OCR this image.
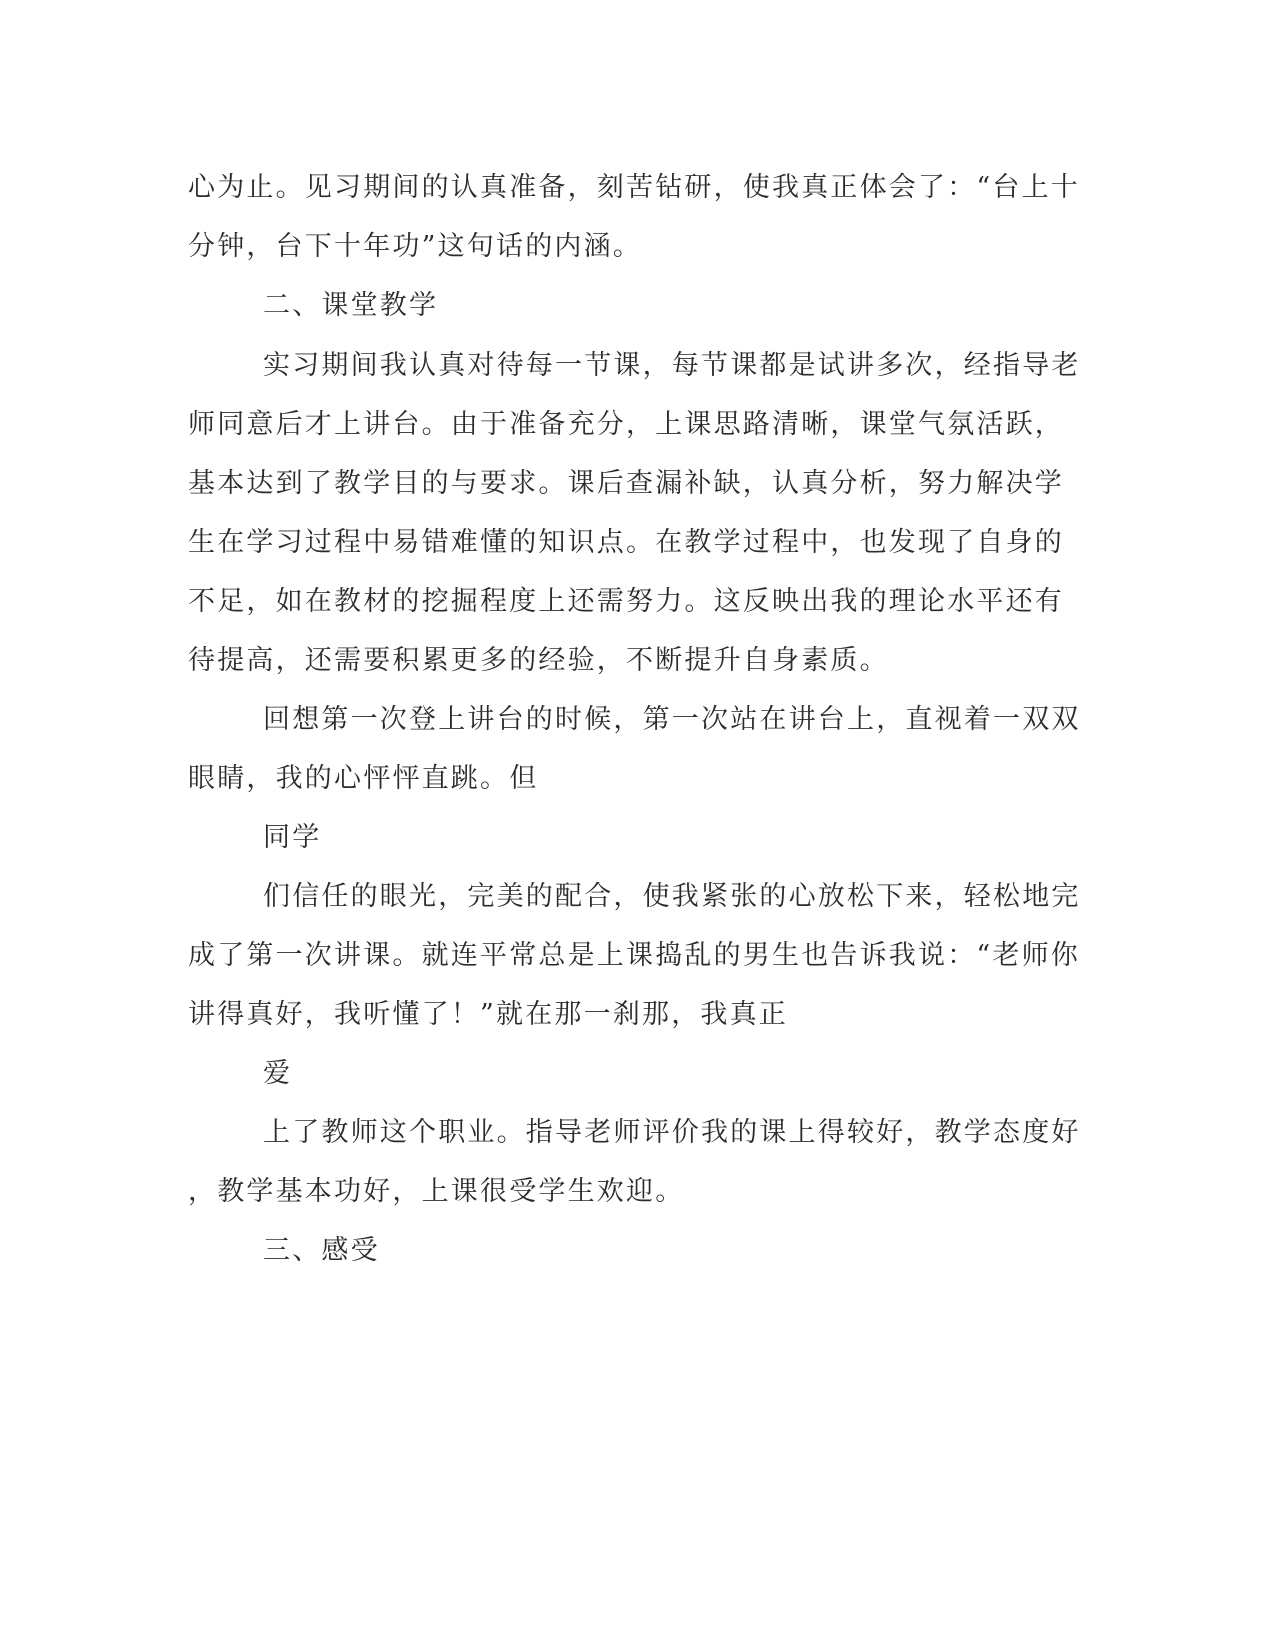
心为止。见习期间的认真准备，刻苦钻研，使我真正体会了：“台上十
分钟，台下十年功”这句话的内涵。
二、课堂教学
实习期间我认真对待每一节课，每节课都是试讲多次，经指导老
师同意后才上讲台。由于准备充分，上课思路清晰，课堂气氛活跃，
基本达到了教学目的与要求。课后查漏补缺，认真分析，努力解决学
生在学习过程中易错难懂的知识点。在教学过程中，也发现了自身的
不足，如在教材的挖掘程度上还需努力。这反映出我的理论水平还有
待提高，还需要积累更多的经验，不断提升自身素质。
回想第一次登上讲台的时候，第一次站在讲台上，直视着一双双
眼睛，我的心怦怦直跳。但
同学
们信任的眼光，完美的配合，使我紧张的心放松下来，轻松地完
成了第一次讲课。就连平常总是上课捣乱的男生也告诉我说：“老师你
讲得真好，我听懂了！”就在那一刹那，我真正
爱
上了教师这个职业。指导老师评价我的课上得较好，教学态度好
，教学基本功好，上课很受学生欢迎。
三、感受
